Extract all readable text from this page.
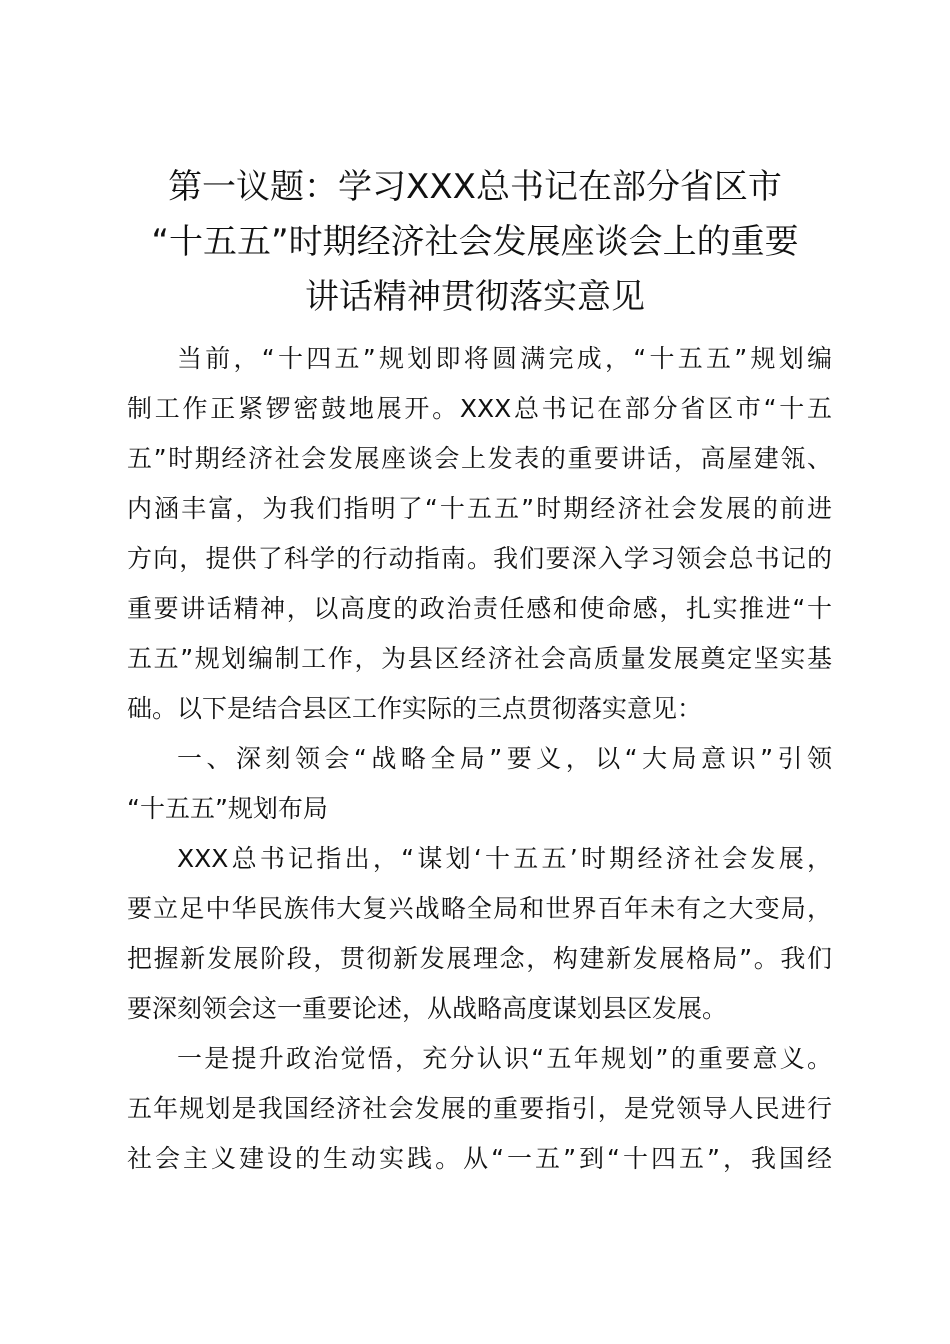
第一议题：学习XXX总书记在部分省区市
“十五五”时期经济社会发展座谈会上的重要
讲话精神贯彻落实意见

当前，“十四五”规划即将圆满完成，“十五五”规划编
制工作正紧锣密鼓地展开。XXX总书记在部分省区市“十五
五”时期经济社会发展座谈会上发表的重要讲话，高屋建瓴、
内涵丰富，为我们指明了“十五五”时期经济社会发展的前进
方向，提供了科学的行动指南。我们要深入学习领会总书记的
重要讲话精神，以高度的政治责任感和使命感，扎实推进“十
五五”规划编制工作，为县区经济社会高质量发展奠定坚实基
础。以下是结合县区工作实际的三点贯彻落实意见：

一、深刻领会“战略全局”要义，以“大局意识”引领
“十五五”规划布局

XXX总书记指出，“谋划‘十五五’时期经济社会发展，
要立足中华民族伟大复兴战略全局和世界百年未有之大变局，
把握新发展阶段，贯彻新发展理念，构建新发展格局”。我们
要深刻领会这一重要论述，从战略高度谋划县区发展。

一是提升政治觉悟，充分认识“五年规划”的重要意义。
五年规划是我国经济社会发展的重要指引，是党领导人民进行
社会主义建设的生动实践。从“一五”到“十四五”，我国经
